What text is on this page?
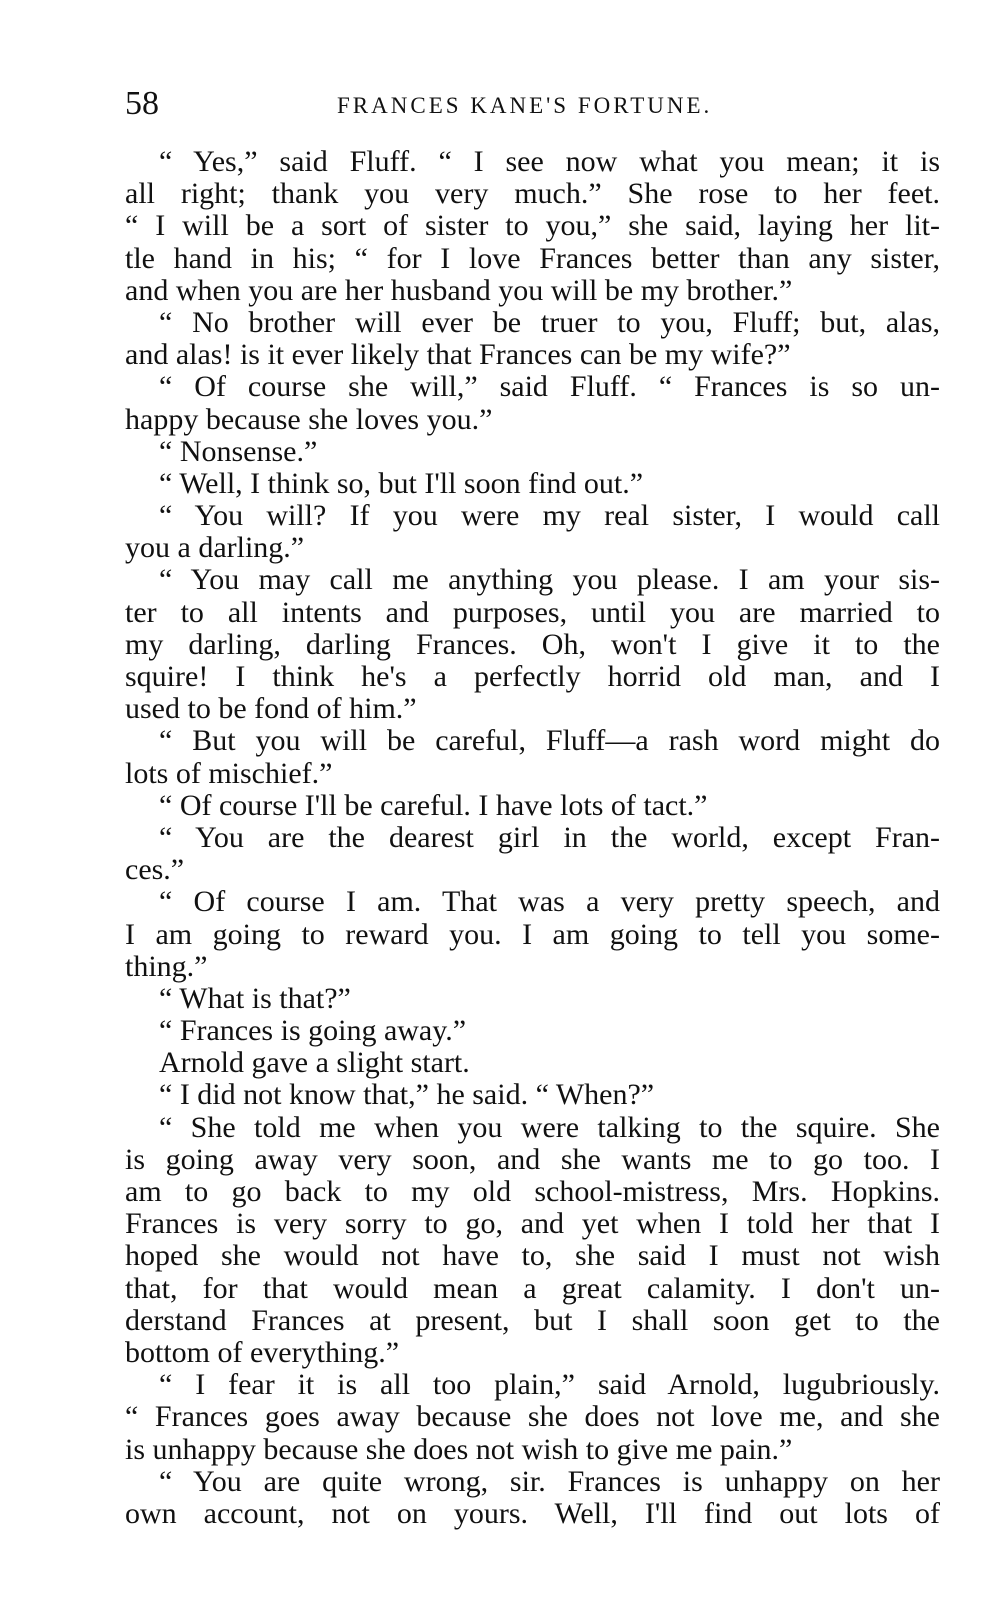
58	FRANCES KANE'S FORTUNE.
“ Yes,” said Fluff. “ I see now what you mean; it is
all right; thank you very much.” She rose to her feet.
“ I will be a sort of sister to you,” she said, laying her lit-
tle hand in his; “ for I love Frances better than any sister,
and when you are her husband you will be my brother.”
“ No brother will ever be truer to you, Fluff; but, alas,
and alas! is it ever likely that Frances can be my wife?”
“ Of course she will,” said Fluff. “ Frances is so un-
happy because she loves you.”
“ Nonsense.”
“ Well, I think so, but I'll soon find out.”
“ You will? If you were my real sister, I would call
you a darling.”
“ You may call me anything you please. I am your sis-
ter to all intents and purposes, until you are married to
my darling, darling Frances. Oh, won't I give it to the
squire! I think he's a perfectly horrid old man, and I
used to be fond of him.”
“ But you will be careful, Fluff—a rash word might do
lots of mischief.”
“ Of course I'll be careful. I have lots of tact.”
“ You are the dearest girl in the world, except Fran-
ces.”
“ Of course I am. That was a very pretty speech, and
I am going to reward you. I am going to tell you some-
thing.”
“ What is that?”
“ Frances is going away.”
Arnold gave a slight start.
“ I did not know that,” he said. “ When?”
“ She told me when you were talking to the squire. She
is going away very soon, and she wants me to go too. I
am to go back to my old school-mistress, Mrs. Hopkins.
Frances is very sorry to go, and yet when I told her that I
hoped she would not have to, she said I must not wish
that, for that would mean a great calamity. I don't un-
derstand Frances at present, but I shall soon get to the
bottom of everything.”
“ I fear it is all too plain,” said Arnold, lugubriously.
“ Frances goes away because she does not love me, and she
is unhappy because she does not wish to give me pain.”
“ You are quite wrong, sir. Frances is unhappy on her
own account, not on yours. Well, I'll find out lots of
